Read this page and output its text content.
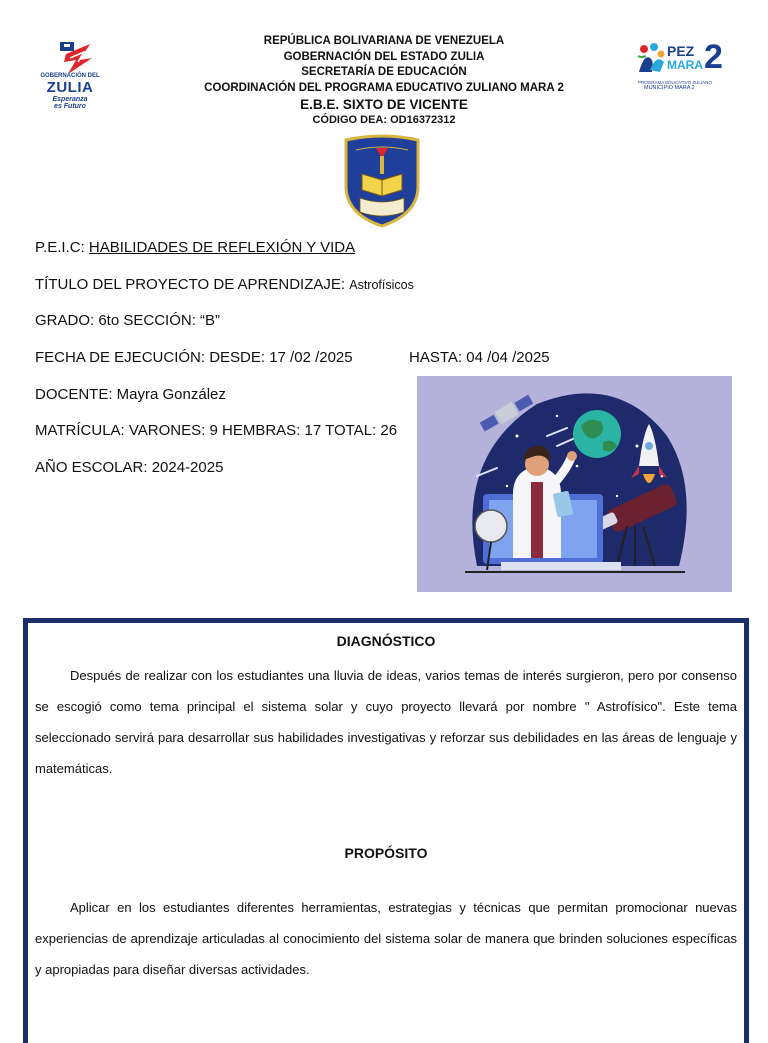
GOBERNACIÓN DEL
ZULIA
Esperanza
es Futuro
REPÚBLICA BOLIVARIANA DE VENEZUELA
GOBERNACIÓN DEL ESTADO ZULIA
SECRETARÍA DE EDUCACIÓN
COORDINACIÓN DEL PROGRAMA EDUCATIVO ZULIANO MARA 2
E.B.E. SIXTO DE VICENTE
CÓDIGO DEA: OD16372312
PEZ
MARA 2
PROGRAMA EDUCATIVO ZULIANO
MUNICIPIO MARA 2
P.E.I.C: HABILIDADES DE REFLEXIÓN Y VIDA
TÍTULO DEL PROYECTO DE APRENDIZAJE: Astrofísicos
GRADO: 6to SECCIÓN: “B”
FECHA DE EJECUCIÓN: DESDE: 17 /02 /2025	HASTA: 04 /04 /2025
DOCENTE: Mayra González
MATRÍCULA: VARONES: 9 HEMBRAS: 17 TOTAL: 26
AÑO ESCOLAR: 2024-2025
DIAGNÓSTICO

Después de realizar con los estudiantes una lluvia de ideas, varios temas de interés surgieron, pero por consenso se escogió como tema principal el sistema solar y cuyo proyecto llevará por nombre " Astrofísico". Este tema seleccionado servirá para desarrollar sus habilidades investigativas y reforzar sus debilidades en las áreas de lenguaje y matemáticas.

PROPÓSITO

Aplicar en los estudiantes diferentes herramientas, estrategias y técnicas que permitan promocionar nuevas experiencias de aprendizaje articuladas al conocimiento del sistema solar de manera que brinden soluciones específicas y apropiadas para diseñar diversas actividades.
